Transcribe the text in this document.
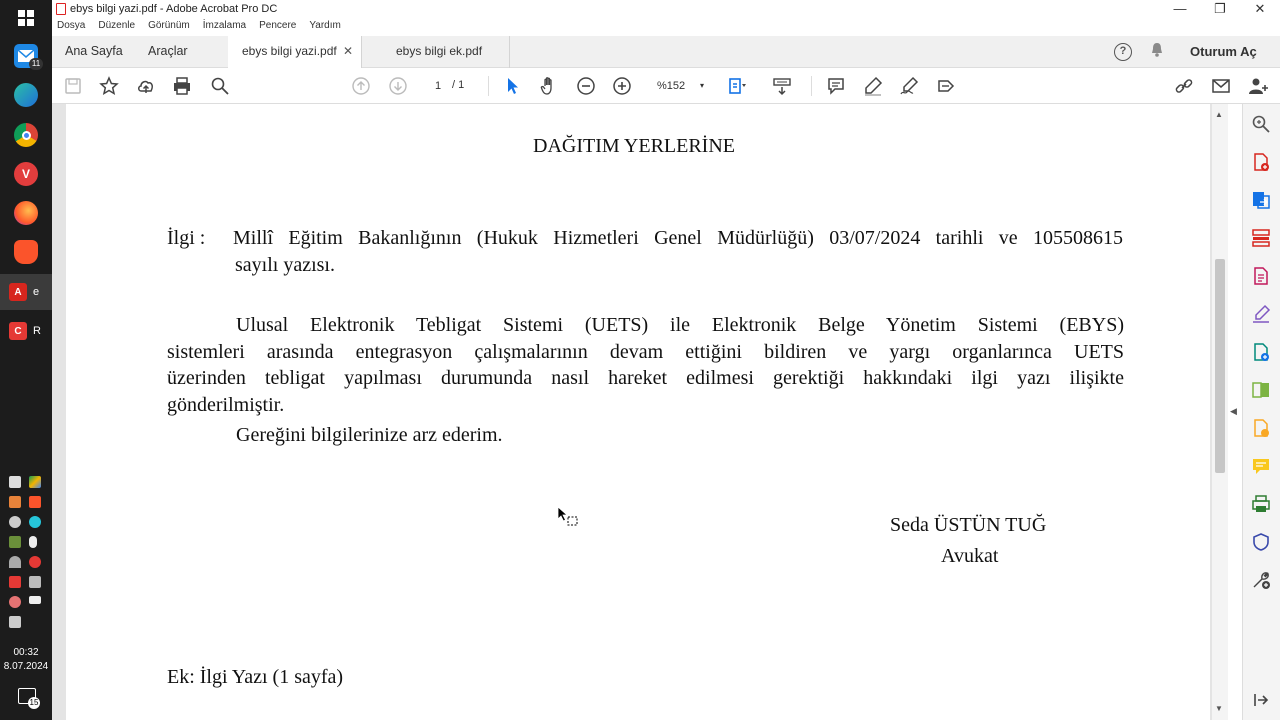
11
V
A	e
C	R
00:32
8.07.2024
15
ebys bilgi yazi.pdf - Adobe Acrobat Pro DC	—	❐	✕
Dosya Düzenle Görünüm İmzalama Pencere Yardım
Ana Sayfa Araçlar	ebys bilgi yazi.pdf ✕	ebys bilgi ek.pdf	?	Oturum Aç
1
/ 1	%152 ▾
DAĞITIM YERLERİNE
İlgi : Millî Eğitim Bakanlığının (Hukuk Hizmetleri Genel Müdürlüğü) 03/07/2024 tarihli ve 105508615
sayılı yazısı.
Ulusal Elektronik Tebligat Sistemi (UETS) ile Elektronik Belge Yönetim Sistemi (EBYS)
sistemleri arasında entegrasyon çalışmalarının devam ettiğini bildiren ve yargı organlarınca UETS
üzerinden tebligat yapılması durumunda nasıl hareket edilmesi gerektiği hakkındaki ilgi yazı ilişikte
gönderilmiştir.
Gereğini bilgilerinize arz ederim.
Seda ÜSTÜN TUĞ
Avukat
Ek: İlgi Yazı (1 sayfa)
▲
▼
◀
